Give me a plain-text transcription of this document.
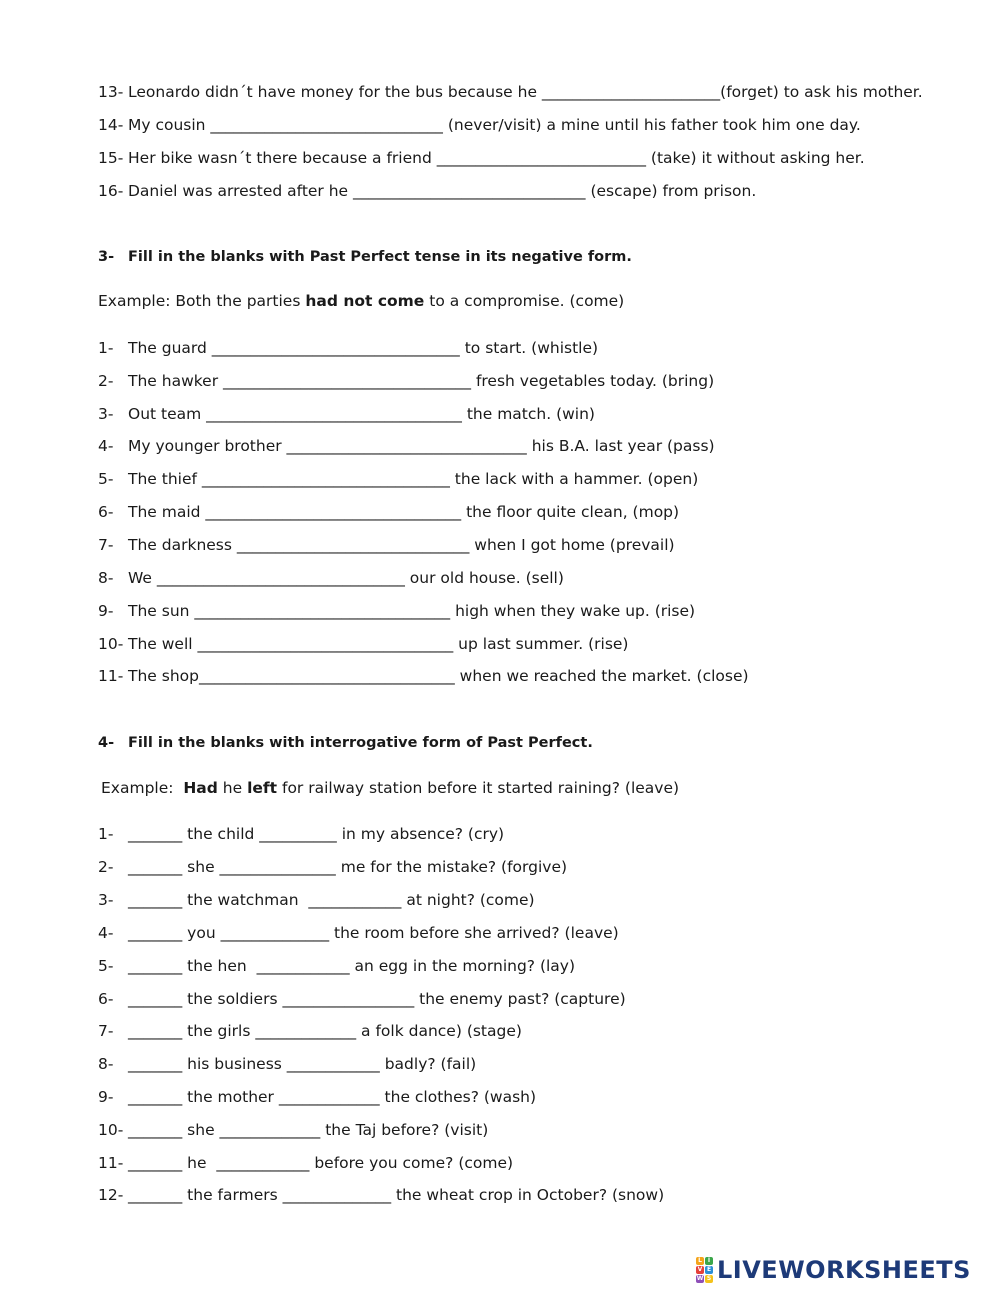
13- Leonardo didn´t have money for the bus because he _______________________(forget) to ask his mother.
14- My cousin ______________________________ (never/visit) a mine until his father took him one day.
15- Her bike wasn´t there because a friend ___________________________ (take) it without asking her.
16- Daniel was arrested after he ______________________________ (escape) from prison.
3- Fill in the blanks with Past Perfect tense in its negative form.
Example: Both the parties had not come to a compromise. (come)
1- The guard ________________________________ to start. (whistle)
2- The hawker ________________________________ fresh vegetables today. (bring)
3- Out team _________________________________ the match. (win)
4- My younger brother _______________________________ his B.A. last year (pass)
5- The thief ________________________________ the lack with a hammer. (open)
6- The maid _________________________________ the floor quite clean, (mop)
7- The darkness ______________________________ when I got home (prevail)
8- We ________________________________ our old house. (sell)
9- The sun _________________________________ high when they wake up. (rise)
10- The well _________________________________ up last summer. (rise)
11- The shop_________________________________ when we reached the market. (close)
4- Fill in the blanks with interrogative form of Past Perfect.
Example:  Had he left for railway station before it started raining? (leave)
1- _______ the child __________ in my absence? (cry)
2- _______ she _______________ me for the mistake? (forgive)
3- _______ the watchman  ____________ at night? (come)
4- _______ you ______________ the room before she arrived? (leave)
5- _______ the hen  ____________ an egg in the morning? (lay)
6- _______ the soldiers _________________ the enemy past? (capture)
7- _______ the girls _____________ a folk dance) (stage)
8- _______ his business ____________ badly? (fail)
9- _______ the mother _____________ the clothes? (wash)
10- _______ she _____________ the Taj before? (visit)
11- _______ he  ____________ before you come? (come)
12- _______ the farmers ______________ the wheat crop in October? (snow)
L I
V E
W S LIVEWORKSHEETS
